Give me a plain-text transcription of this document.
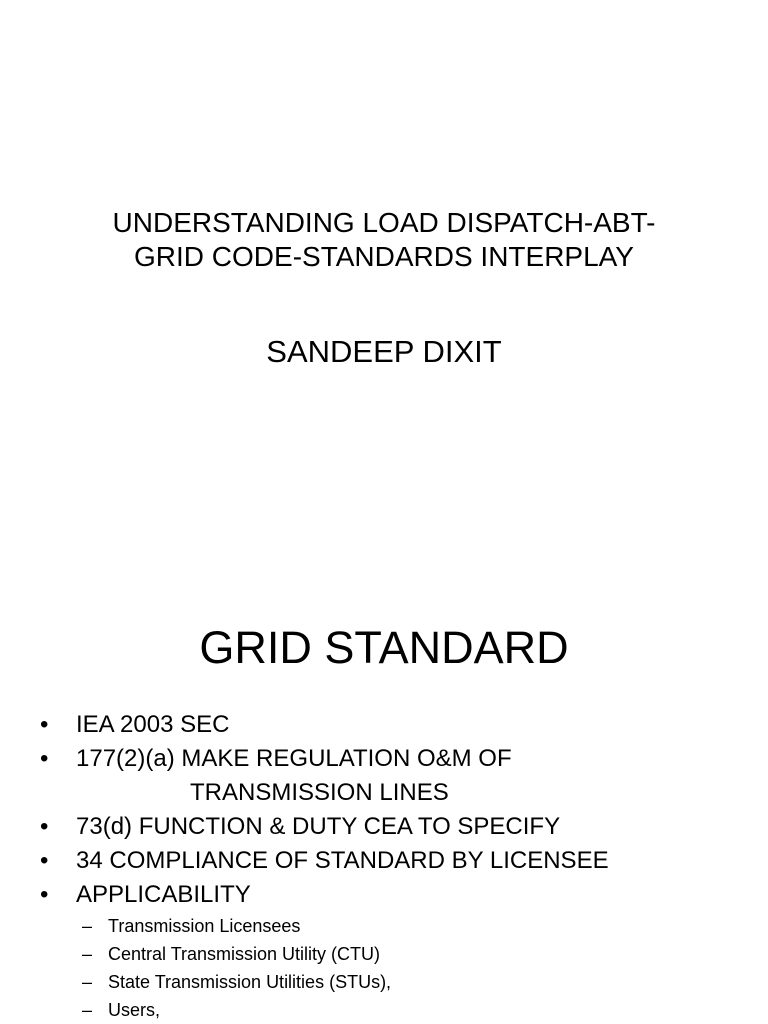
UNDERSTANDING LOAD DISPATCH-ABT-
GRID CODE-STANDARDS INTERPLAY
SANDEEP DIXIT
GRID STANDARD
• IEA 2003 SEC
• 177(2)(a) MAKE REGULATION O&M OF
TRANSMISSION LINES
• 73(d) FUNCTION & DUTY CEA TO SPECIFY
• 34 COMPLIANCE OF STANDARD BY LICENSEE
• APPLICABILITY
– Transmission Licensees
– Central Transmission Utility (CTU)
– State Transmission Utilities (STUs),
– Users,
